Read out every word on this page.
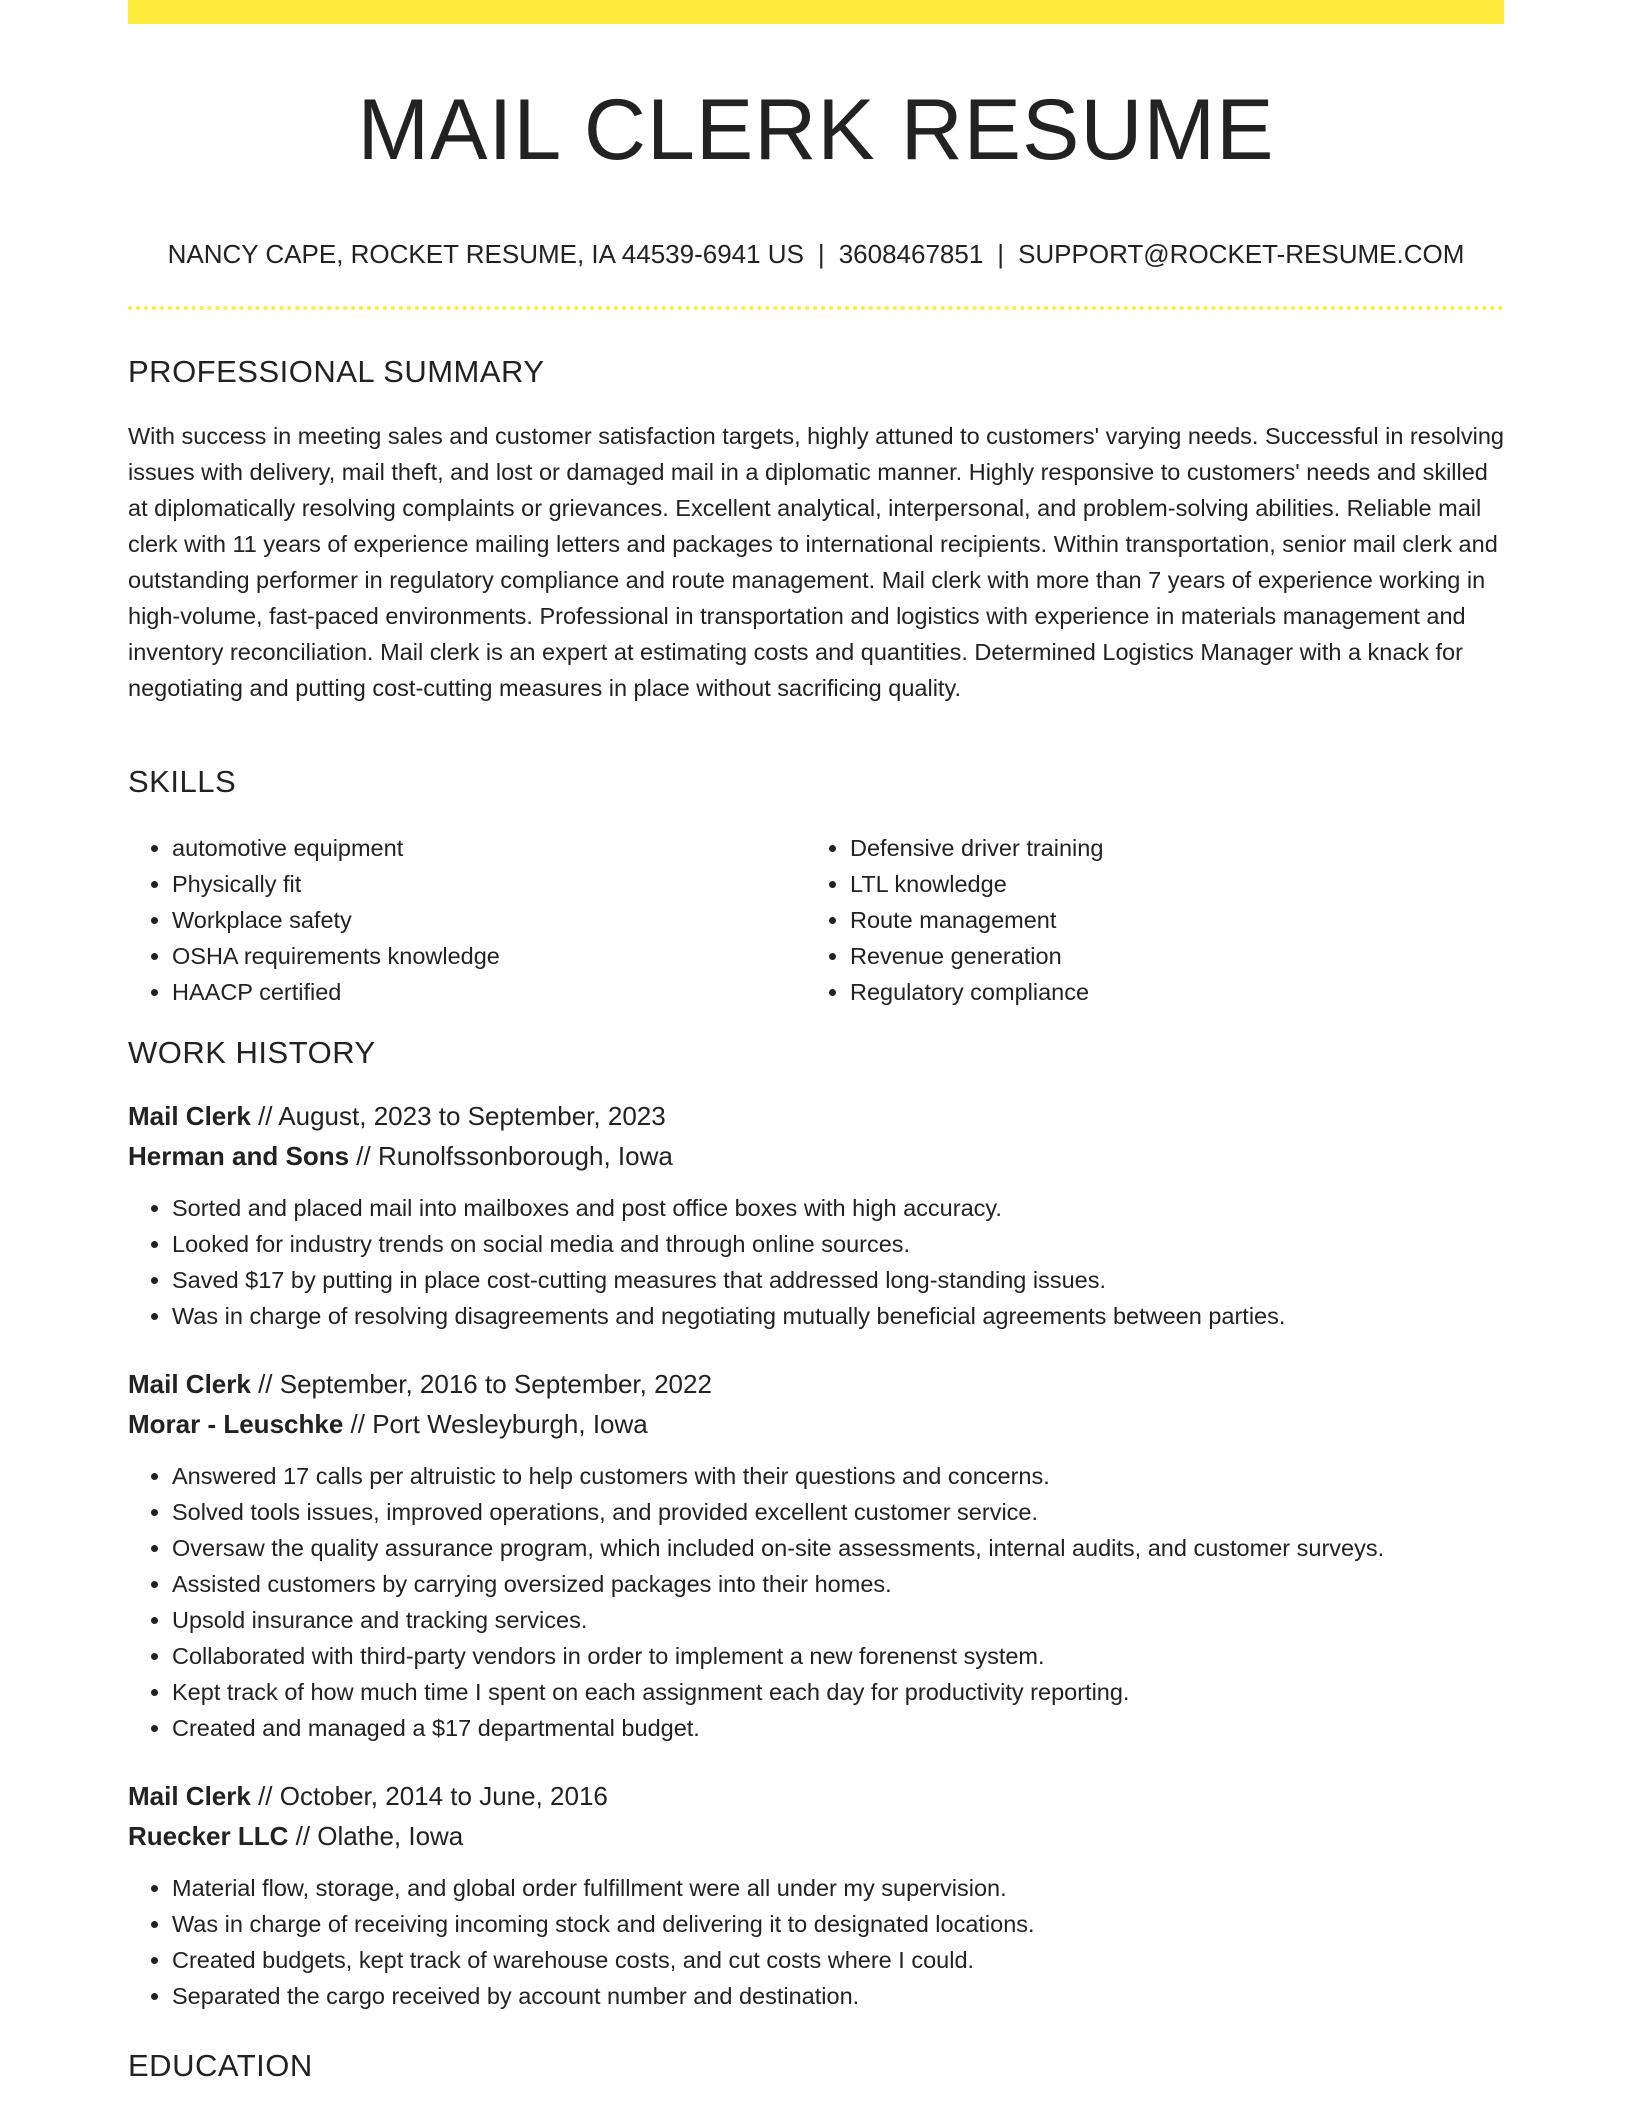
MAIL CLERK RESUME
NANCY CAPE, ROCKET RESUME, IA 44539-6941 US | 3608467851 | SUPPORT@ROCKET-RESUME.COM
PROFESSIONAL SUMMARY

With success in meeting sales and customer satisfaction targets, highly attuned to customers' varying needs. Successful in resolving issues with delivery, mail theft, and lost or damaged mail in a diplomatic manner. Highly responsive to customers' needs and skilled at diplomatically resolving complaints or grievances. Excellent analytical, interpersonal, and problem-solving abilities. Reliable mail clerk with 11 years of experience mailing letters and packages to international recipients. Within transportation, senior mail clerk and outstanding performer in regulatory compliance and route management. Mail clerk with more than 7 years of experience working in high-volume, fast-paced environments. Professional in transportation and logistics with experience in materials management and inventory reconciliation. Mail clerk is an expert at estimating costs and quantities. Determined Logistics Manager with a knack for negotiating and putting cost-cutting measures in place without sacrificing quality.

SKILLS
• automotive equipment
• Physically fit
• Workplace safety
• OSHA requirements knowledge
• HAACP certified
• Defensive driver training
• LTL knowledge
• Route management
• Revenue generation
• Regulatory compliance
WORK HISTORY
Mail Clerk // August, 2023 to September, 2023
Herman and Sons // Runolfssonborough, Iowa
• Sorted and placed mail into mailboxes and post office boxes with high accuracy.
• Looked for industry trends on social media and through online sources.
• Saved $17 by putting in place cost-cutting measures that addressed long-standing issues.
• Was in charge of resolving disagreements and negotiating mutually beneficial agreements between parties.
Mail Clerk // September, 2016 to September, 2022
Morar - Leuschke // Port Wesleyburgh, Iowa
• Answered 17 calls per altruistic to help customers with their questions and concerns.
• Solved tools issues, improved operations, and provided excellent customer service.
• Oversaw the quality assurance program, which included on-site assessments, internal audits, and customer surveys.
• Assisted customers by carrying oversized packages into their homes.
• Upsold insurance and tracking services.
• Collaborated with third-party vendors in order to implement a new forenenst system.
• Kept track of how much time I spent on each assignment each day for productivity reporting.
• Created and managed a $17 departmental budget.
Mail Clerk // October, 2014 to June, 2016
Ruecker LLC // Olathe, Iowa
• Material flow, storage, and global order fulfillment were all under my supervision.
• Was in charge of receiving incoming stock and delivering it to designated locations.
• Created budgets, kept track of warehouse costs, and cut costs where I could.
• Separated the cargo received by account number and destination.
EDUCATION
